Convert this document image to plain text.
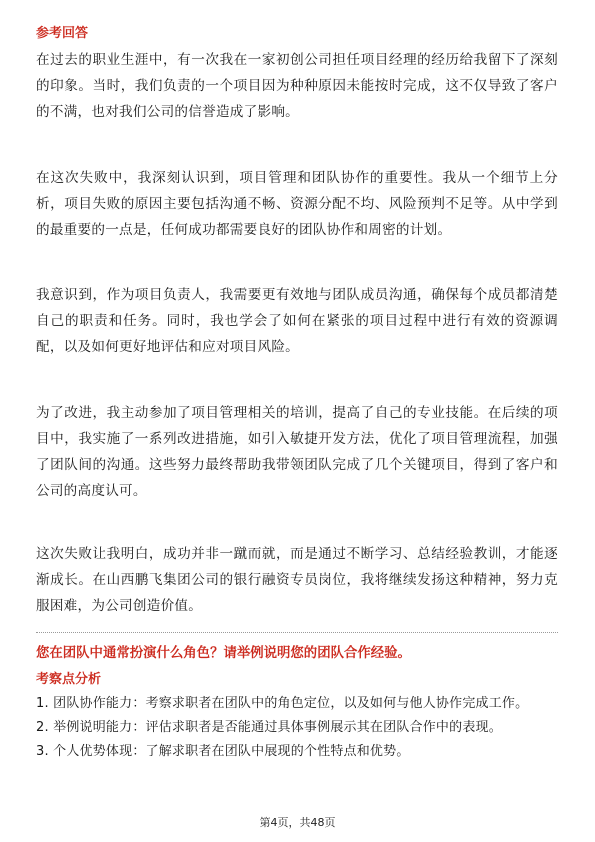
参考回答

在过去的职业生涯中，有一次我在一家初创公司担任项目经理的经历给我留下了深刻的印象。当时，我们负责的一个项目因为种种原因未能按时完成，这不仅导致了客户的不满，也对我们公司的信誉造成了影响。

在这次失败中，我深刻认识到，项目管理和团队协作的重要性。我从一个细节上分析，项目失败的原因主要包括沟通不畅、资源分配不均、风险预判不足等。从中学到的最重要的一点是，任何成功都需要良好的团队协作和周密的计划。

我意识到，作为项目负责人，我需要更有效地与团队成员沟通，确保每个成员都清楚自己的职责和任务。同时，我也学会了如何在紧张的项目过程中进行有效的资源调配，以及如何更好地评估和应对项目风险。

为了改进，我主动参加了项目管理相关的培训，提高了自己的专业技能。在后续的项目中，我实施了一系列改进措施，如引入敏捷开发方法，优化了项目管理流程，加强了团队间的沟通。这些努力最终帮助我带领团队完成了几个关键项目，得到了客户和公司的高度认可。

这次失败让我明白，成功并非一蹴而就，而是通过不断学习、总结经验教训，才能逐渐成长。在山西鹏飞集团公司的银行融资专员岗位，我将继续发扬这种精神，努力克服困难，为公司创造价值。

您在团队中通常扮演什么角色？请举例说明您的团队合作经验。
考察点分析
1. 团队协作能力：考察求职者在团队中的角色定位，以及如何与他人协作完成工作。
2. 举例说明能力：评估求职者是否能通过具体事例展示其在团队合作中的表现。
3. 个人优势体现：了解求职者在团队中展现的个性特点和优势。
第4页，共48页
